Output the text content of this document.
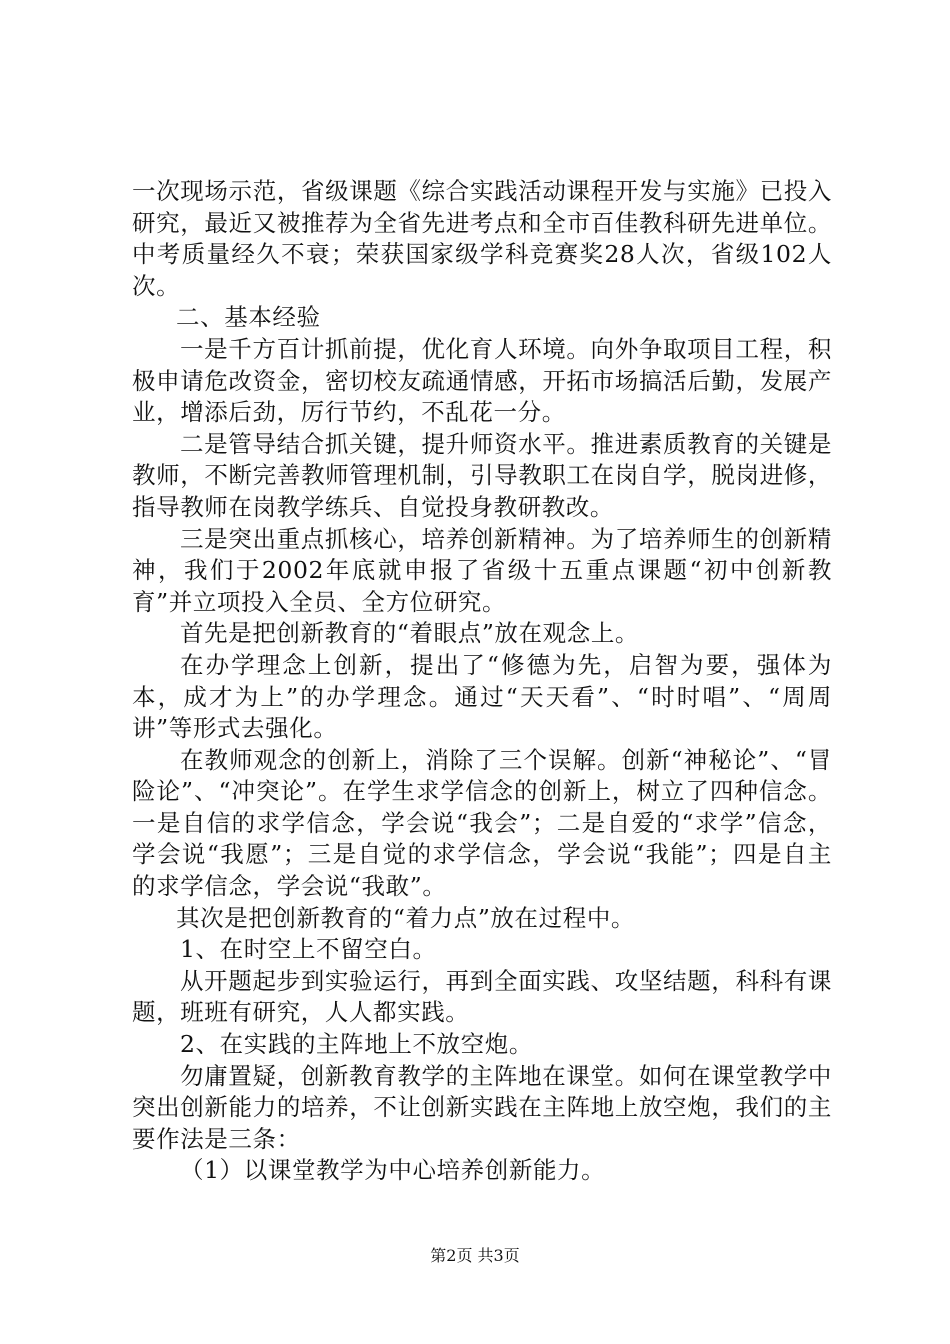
一次现场示范，省级课题《综合实践活动课程开发与实施》已投入研究，最近又被推荐为全省先进考点和全市百佳教科研先进单位。中考质量经久不衰；荣获国家级学科竞赛奖28人次，省级102人次。

二、基本经验

一是千方百计抓前提，优化育人环境。向外争取项目工程，积极申请危改资金，密切校友疏通情感，开拓市场搞活后勤，发展产业，增添后劲，厉行节约，不乱花一分。

二是管导结合抓关键，提升师资水平。推进素质教育的关键是教师，不断完善教师管理机制，引导教职工在岗自学，脱岗进修，指导教师在岗教学练兵、自觉投身教研教改。

三是突出重点抓核心，培养创新精神。为了培养师生的创新精神，我们于2002年底就申报了省级十五重点课题“初中创新教育”并立项投入全员、全方位研究。

首先是把创新教育的“着眼点”放在观念上。

在办学理念上创新，提出了“修德为先，启智为要，强体为本，成才为上”的办学理念。通过“天天看”、“时时唱”、“周周讲”等形式去强化。

在教师观念的创新上，消除了三个误解。创新“神秘论”、“冒险论”、“冲突论”。在学生求学信念的创新上，树立了四种信念。一是自信的求学信念，学会说“我会”；二是自爱的“求学”信念，学会说“我愿”；三是自觉的求学信念，学会说“我能”；四是自主的求学信念，学会说“我敢”。

其次是把创新教育的“着力点”放在过程中。

1、在时空上不留空白。

从开题起步到实验运行，再到全面实践、攻坚结题，科科有课题，班班有研究，人人都实践。

2、在实践的主阵地上不放空炮。

勿庸置疑，创新教育教学的主阵地在课堂。如何在课堂教学中突出创新能力的培养，不让创新实践在主阵地上放空炮，我们的主要作法是三条：

（1）以课堂教学为中心培养创新能力。

第2页 共3页
